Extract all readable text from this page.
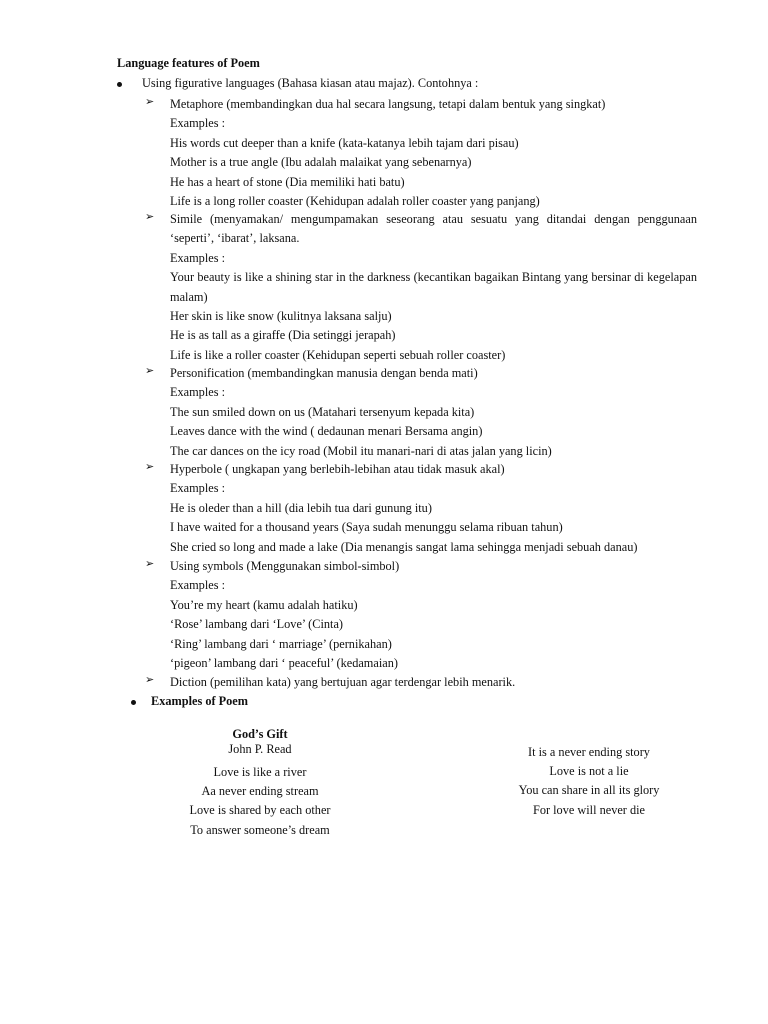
Language features of Poem
Using figurative languages (Bahasa kiasan atau majaz). Contohnya :
➢ Metaphore (membandingkan dua hal secara langsung, tetapi dalam bentuk yang singkat)
Examples :
His words cut deeper than a knife (kata-katanya lebih tajam dari pisau)
Mother is a true angle (Ibu adalah malaikat yang sebenarnya)
He has a heart of stone (Dia memiliki hati batu)
Life is a long roller coaster (Kehidupan adalah roller coaster yang panjang)
➢ Simile (menyamakan/ mengumpamakan seseorang atau sesuatu yang ditandai dengan penggunaan ‘seperti’, ‘ibarat’, laksana.
Examples :
Your beauty is like a shining star in the darkness (kecantikan bagaikan Bintang yang bersinar di kegelapan malam)
Her skin is like snow (kulitnya laksana salju)
He is as tall as a giraffe (Dia setinggi jerapah)
Life is like a roller coaster (Kehidupan seperti sebuah roller coaster)
➢ Personification (membandingkan manusia dengan benda mati)
Examples :
The sun smiled down on us (Matahari tersenyum kepada kita)
Leaves dance with the wind ( dedaunan menari Bersama angin)
The car dances on the icy road (Mobil itu manari-nari di atas jalan yang licin)
➢ Hyperbole ( ungkapan yang berlebih-lebihan atau tidak masuk akal)
Examples :
He is oleder than a hill (dia lebih tua dari gunung itu)
I have waited for a thousand years (Saya sudah menunggu selama ribuan tahun)
She cried so long and made a lake (Dia menangis sangat lama sehingga menjadi sebuah danau)
➢ Using symbols (Menggunakan simbol-simbol)
Examples :
You’re my heart (kamu adalah hatiku)
‘Rose’ lambang dari ‘Love’ (Cinta)
‘Ring’ lambang dari ‘ marriage’ (pernikahan)
‘pigeon’ lambang dari ‘ peaceful’ (kedamaian)
➢ Diction (pemilihan kata) yang bertujuan agar terdengar lebih menarik.
Examples of Poem
God’s Gift
John P. Read
Love is like a river
Aa never ending stream
Love is shared by each other
To answer someone’s dream
It is a never ending story
Love is not a lie
You can share in all its glory
For love will never die
